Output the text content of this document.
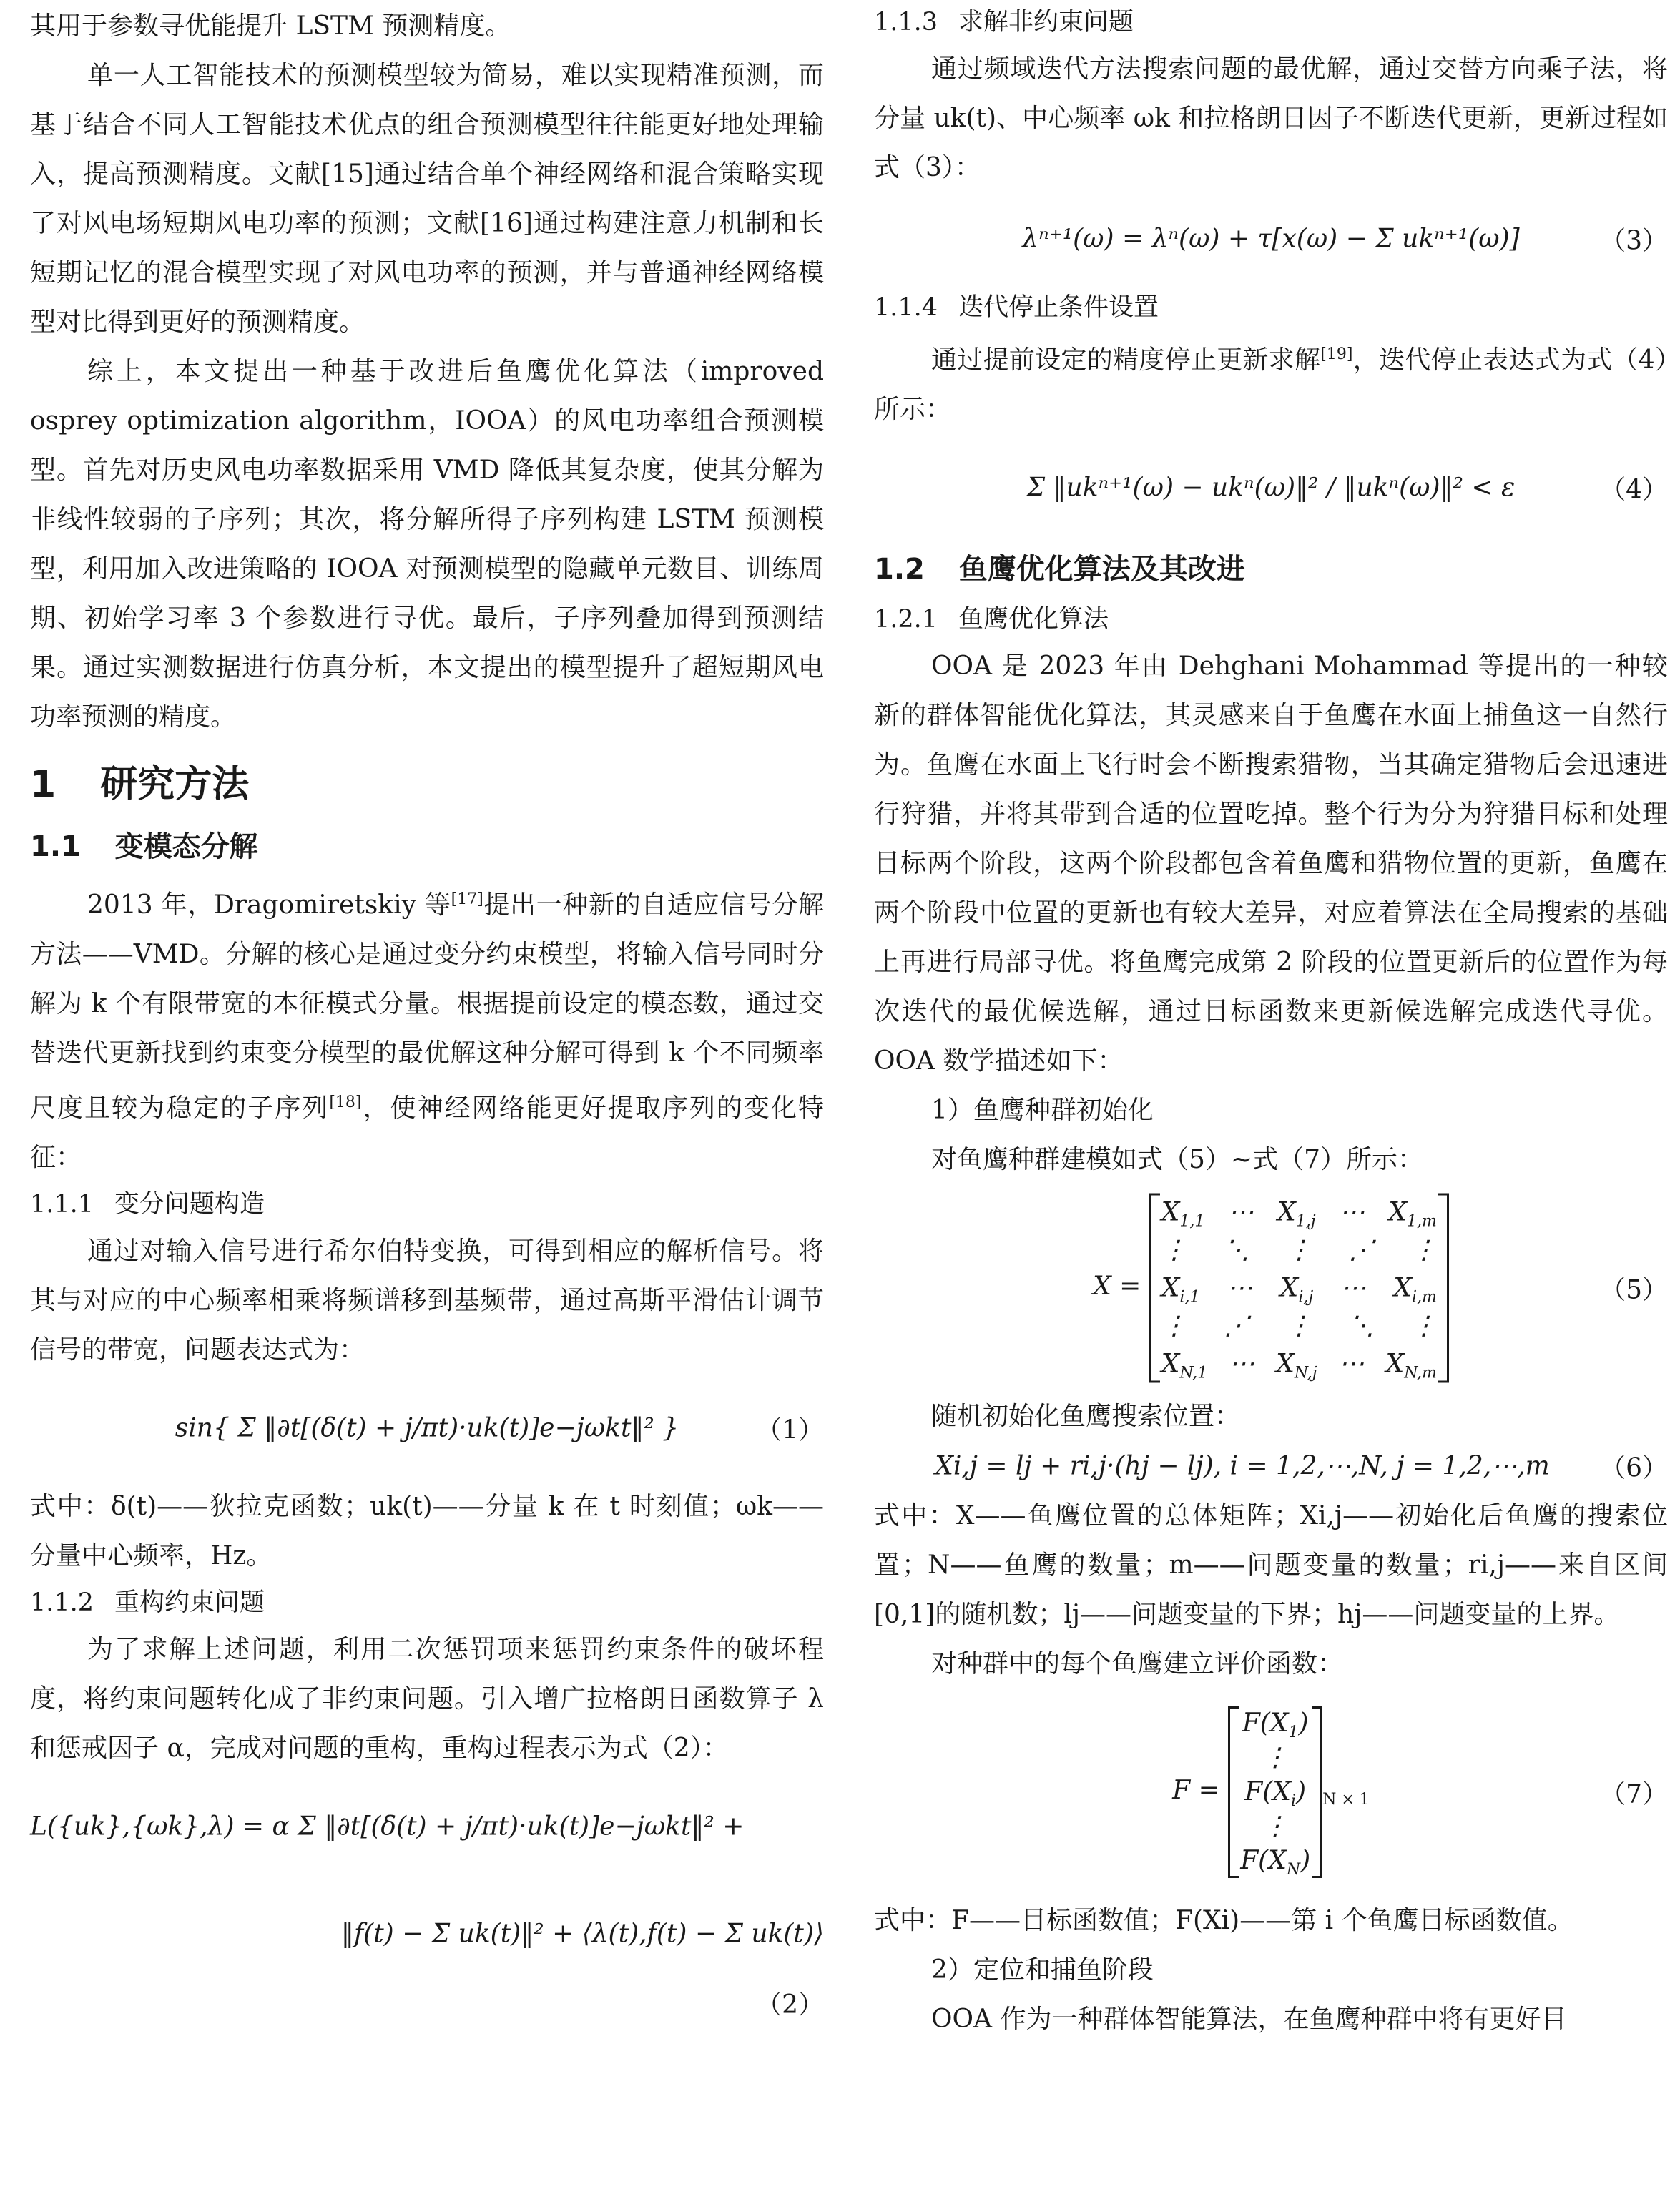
其用于参数寻优能提升 LSTM 预测精度。

单一人工智能技术的预测模型较为简易，难以实现精准预测，而基于结合不同人工智能技术优点的组合预测模型往往能更好地处理输入，提高预测精度。文献[15]通过结合单个神经网络和混合策略实现了对风电场短期风电功率的预测；文献[16]通过构建注意力机制和长短期记忆的混合模型实现了对风电功率的预测，并与普通神经网络模型对比得到更好的预测精度。

综上，本文提出一种基于改进后鱼鹰优化算法（improved osprey optimization algorithm，IOOA）的风电功率组合预测模型。首先对历史风电功率数据采用 VMD 降低其复杂度，使其分解为非线性较弱的子序列；其次，将分解所得子序列构建 LSTM 预测模型，利用加入改进策略的 IOOA 对预测模型的隐藏单元数目、训练周期、初始学习率 3 个参数进行寻优。最后，子序列叠加得到预测结果。通过实测数据进行仿真分析，本文提出的模型提升了超短期风电功率预测的精度。

1 研究方法
1.1 变模态分解

2013 年，Dragomiretskiy 等[17]提出一种新的自适应信号分解方法——VMD。分解的核心是通过变分约束模型，将输入信号同时分解为 k 个有限带宽的本征模式分量。根据提前设定的模态数，通过交替迭代更新找到约束变分模型的最优解这种分解可得到 k 个不同频率尺度且较为稳定的子序列[18]，使神经网络能更好提取序列的变化特征：

1.1.1 变分问题构造

通过对输入信号进行希尔伯特变换，可得到相应的解析信号。将其与对应的中心频率相乘将频谱移到基频带，通过高斯平滑估计调节信号的带宽，问题表达式为：

sin{ Σ ‖∂t[(δ(t) + j/πt)·uk(t)]e−jωkt‖² }	（1）

式中：δ(t)——狄拉克函数；uk(t)——分量 k 在 t 时刻值；ωk——分量中心频率，Hz。

1.1.2 重构约束问题

为了求解上述问题，利用二次惩罚项来惩罚约束条件的破坏程度，将约束问题转化成了非约束问题。引入增广拉格朗日函数算子 λ 和惩戒因子 α，完成对问题的重构，重构过程表示为式（2）：

L({uk},{ωk},λ) = α Σ ‖∂t[(δ(t) + j/πt)·uk(t)]e−jωkt‖² +
‖f(t) − Σ uk(t)‖² + ⟨λ(t),f(t) − Σ uk(t)⟩
（2）
1.1.3 求解非约束问题

通过频域迭代方法搜索问题的最优解，通过交替方向乘子法，将分量 uk(t)、中心频率 ωk 和拉格朗日因子不断迭代更新，更新过程如式（3）：

λⁿ⁺¹(ω) = λⁿ(ω) + τ[x(ω) − Σ ukⁿ⁺¹(ω)]	（3）
1.1.4 迭代停止条件设置

通过提前设定的精度停止更新求解[19]，迭代停止表达式为式（4）所示：

Σ ‖ukⁿ⁺¹(ω) − ukⁿ(ω)‖² / ‖ukⁿ(ω)‖² < ε	（4）
1.2 鱼鹰优化算法及其改进
1.2.1 鱼鹰优化算法

OOA 是 2023 年由 Dehghani Mohammad 等提出的一种较新的群体智能优化算法，其灵感来自于鱼鹰在水面上捕鱼这一自然行为。鱼鹰在水面上飞行时会不断搜索猎物，当其确定猎物后会迅速进行狩猎，并将其带到合适的位置吃掉。整个行为分为狩猎目标和处理目标两个阶段，这两个阶段都包含着鱼鹰和猎物位置的更新，鱼鹰在两个阶段中位置的更新也有较大差异，对应着算法在全局搜索的基础上再进行局部寻优。将鱼鹰完成第 2 阶段的位置更新后的位置作为每次迭代的最优候选解，通过目标函数来更新候选解完成迭代寻优。OOA 数学描述如下：

1）鱼鹰种群初始化

对鱼鹰种群建模如式（5）~式（7）所示：

X =
$X_{1,1}$ ⋯ $X_{1,j}$ ⋯ $X_{1,m}$
⋮ ⋱ ⋮ ⋰ ⋮
$X_{i,1}$ ⋯ $X_{i,j}$ ⋯ $X_{i,m}$
⋮ ⋰ ⋮ ⋱ ⋮
$X_{N,1}$ ⋯ $X_{N,j}$ ⋯ $X_{N,m}$
（5）

随机初始化鱼鹰搜索位置：

Xi,j = lj + ri,j·(hj − lj), i = 1,2,⋯,N, j = 1,2,⋯,m	（6）

式中：X——鱼鹰位置的总体矩阵；Xi,j——初始化后鱼鹰的搜索位置；N——鱼鹰的数量；m——问题变量的数量；ri,j——来自区间[0,1]的随机数；lj——问题变量的下界；hj——问题变量的上界。

对种群中的每个鱼鹰建立评价函数：

F =
$F(X_1)$
⋮
$F(X_i)$
⋮
$F(X_N)$
$_{N \times 1}$	（7）

式中：F——目标函数值；F(Xi)——第 i 个鱼鹰目标函数值。

2）定位和捕鱼阶段

OOA 作为一种群体智能算法，在鱼鹰种群中将有更好目
